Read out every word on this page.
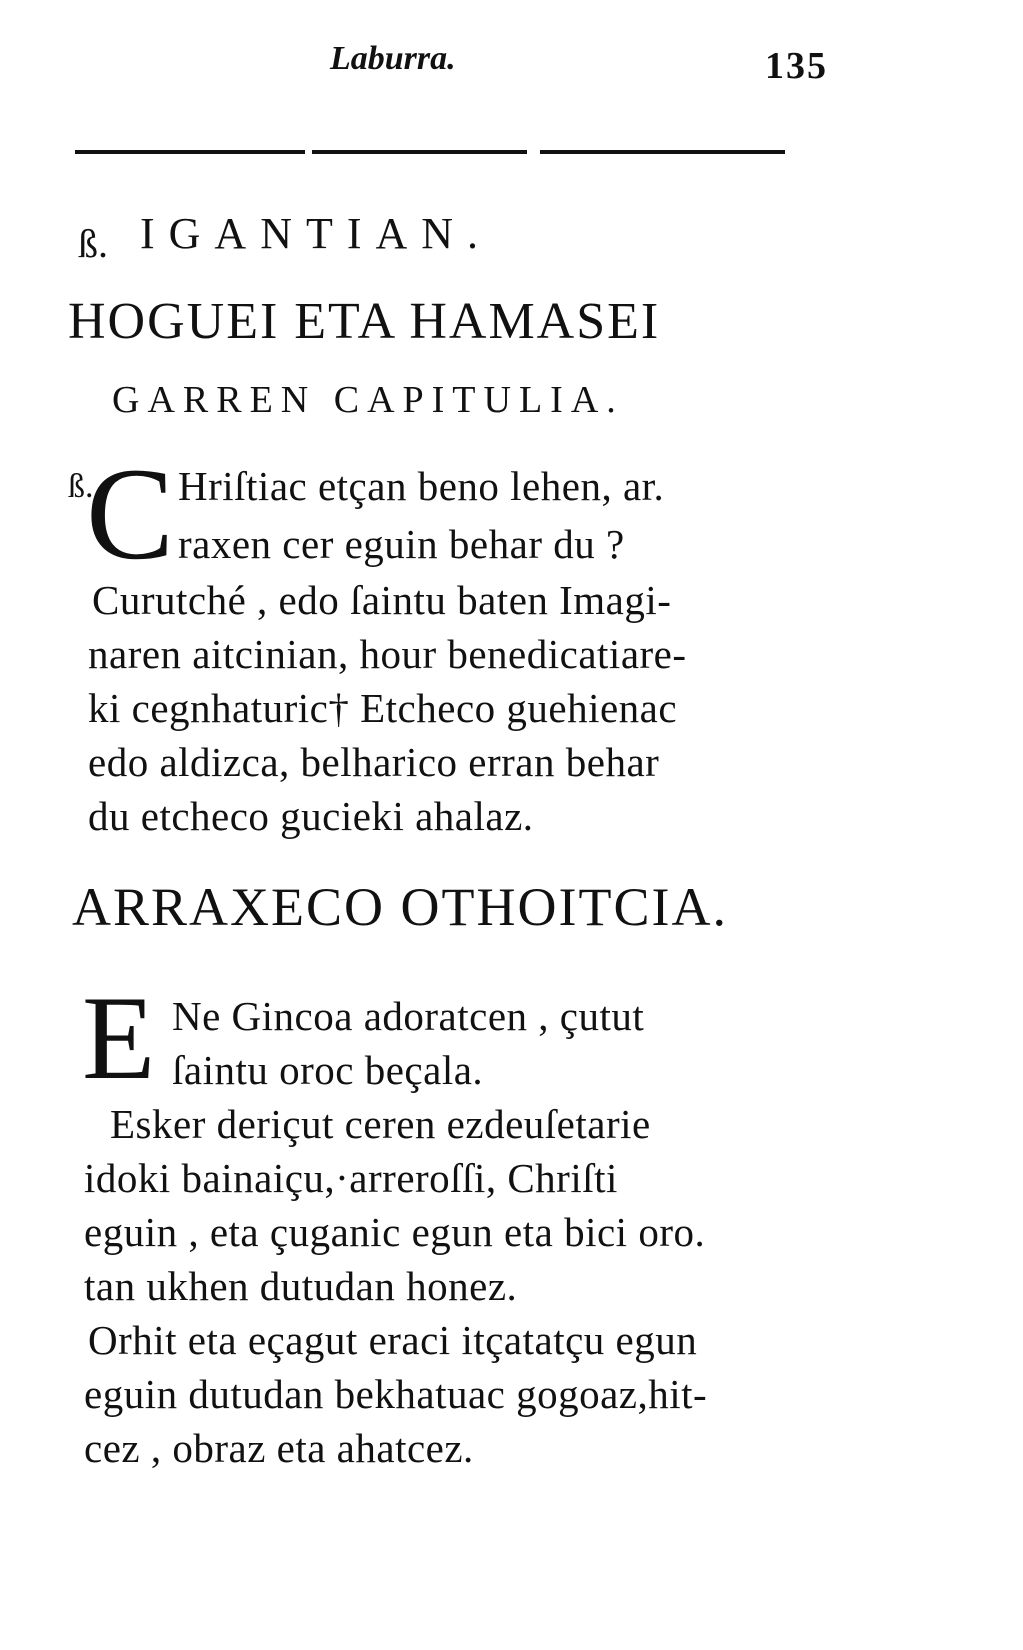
Laburra.	135
ß. IGANTIAN.
HOGUEI ETA HAMASEI
GARREN CAPITULIA.
ß.
C Hriſtiac etçan beno lehen, ar.
raxen cer eguin behar du ?
Curutché , edo ſaintu baten Imagi-
naren aitcinian, hour benedicatiare-
ki cegnhaturic† Etcheco guehienac
edo aldizca, belharico erran behar
du etcheco gucieki ahalaz.
ARRAXECO OTHOITCIA.
E Ne Gincoa adoratcen , çutut
ſaintu oroc beçala.
Esker deriçut ceren ezdeuſetarie
idoki bainaiçu,·arreroſſi, Chriſti
eguin , eta çuganic egun eta bici oro.
tan ukhen dutudan honez.
Orhit eta eçagut eraci itçatatçu egun
eguin dutudan bekhatuac gogoaz,hit-
cez , obraz eta ahatcez.
